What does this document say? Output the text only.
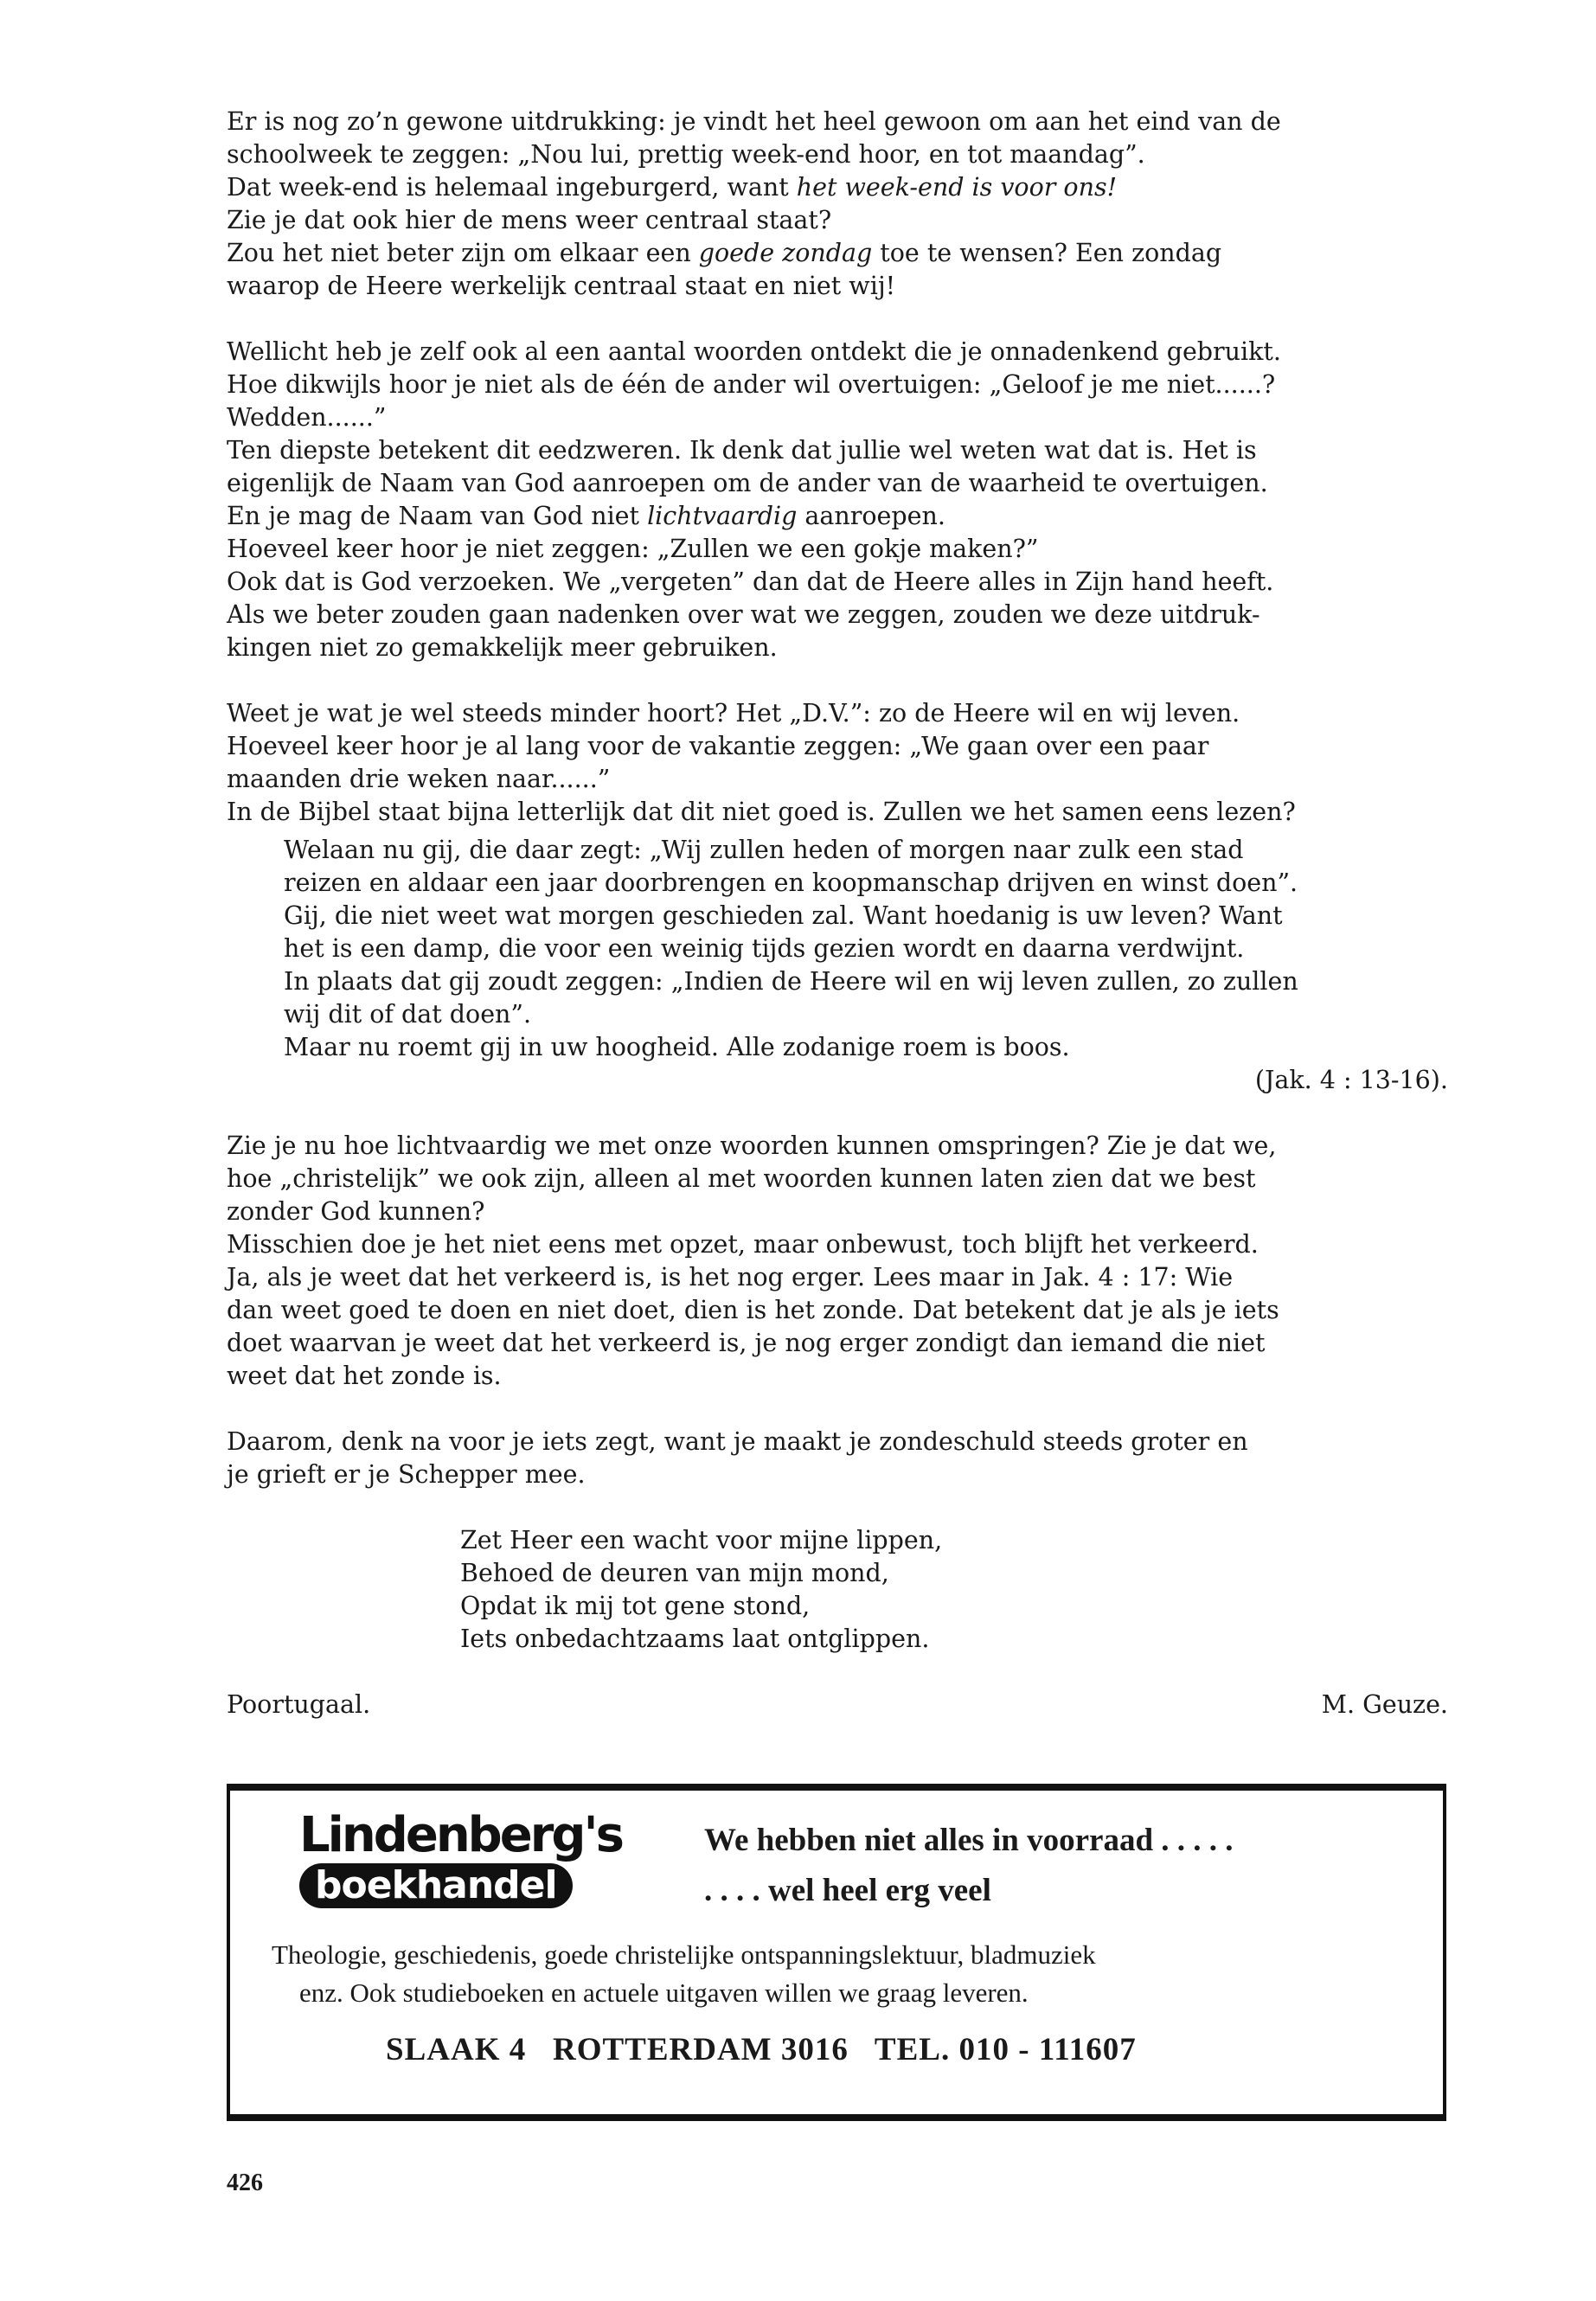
Er is nog zo’n gewone uitdrukking: je vindt het heel gewoon om aan het eind van de
schoolweek te zeggen: „Nou lui, prettig week-end hoor, en tot maandag”.
Dat week-end is helemaal ingeburgerd, want het week-end is voor ons!
Zie je dat ook hier de mens weer centraal staat?
Zou het niet beter zijn om elkaar een goede zondag toe te wensen? Een zondag
waarop de Heere werkelijk centraal staat en niet wij!
Wellicht heb je zelf ook al een aantal woorden ontdekt die je onnadenkend gebruikt.
Hoe dikwijls hoor je niet als de één de ander wil overtuigen: „Geloof je me niet......?
Wedden......”
Ten diepste betekent dit eedzweren. Ik denk dat jullie wel weten wat dat is. Het is
eigenlijk de Naam van God aanroepen om de ander van de waarheid te overtuigen.
En je mag de Naam van God niet lichtvaardig aanroepen.
Hoeveel keer hoor je niet zeggen: „Zullen we een gokje maken?”
Ook dat is God verzoeken. We „vergeten” dan dat de Heere alles in Zijn hand heeft.
Als we beter zouden gaan nadenken over wat we zeggen, zouden we deze uitdruk-
kingen niet zo gemakkelijk meer gebruiken.
Weet je wat je wel steeds minder hoort? Het „D.V.”: zo de Heere wil en wij leven.
Hoeveel keer hoor je al lang voor de vakantie zeggen: „We gaan over een paar
maanden drie weken naar......”
In de Bijbel staat bijna letterlijk dat dit niet goed is. Zullen we het samen eens lezen?
Welaan nu gij, die daar zegt: „Wij zullen heden of morgen naar zulk een stad
reizen en aldaar een jaar doorbrengen en koopmanschap drijven en winst doen”.
Gij, die niet weet wat morgen geschieden zal. Want hoedanig is uw leven? Want
het is een damp, die voor een weinig tijds gezien wordt en daarna verdwijnt.
In plaats dat gij zoudt zeggen: „Indien de Heere wil en wij leven zullen, zo zullen
wij dit of dat doen”.
Maar nu roemt gij in uw hoogheid. Alle zodanige roem is boos.
(Jak. 4 : 13-16).
Zie je nu hoe lichtvaardig we met onze woorden kunnen omspringen? Zie je dat we,
hoe „christelijk” we ook zijn, alleen al met woorden kunnen laten zien dat we best
zonder God kunnen?
Misschien doe je het niet eens met opzet, maar onbewust, toch blijft het verkeerd.
Ja, als je weet dat het verkeerd is, is het nog erger. Lees maar in Jak. 4 : 17: Wie
dan weet goed te doen en niet doet, dien is het zonde. Dat betekent dat je als je iets
doet waarvan je weet dat het verkeerd is, je nog erger zondigt dan iemand die niet
weet dat het zonde is.
Daarom, denk na voor je iets zegt, want je maakt je zondeschuld steeds groter en
je grieft er je Schepper mee.
Zet Heer een wacht voor mijne lippen,
Behoed de deuren van mijn mond,
Opdat ik mij tot gene stond,
Iets onbedachtzaams laat ontglippen.
Poortugaal.	M. Geuze.
Lindenberg's
boekhandel
We hebben niet alles in voorraad . . . . .
. . . . wel heel erg veel
Theologie, geschiedenis, goede christelijke ontspanningslektuur, bladmuziek
enz. Ook studieboeken en actuele uitgaven willen we graag leveren.
SLAAK 4   ROTTERDAM 3016   TEL. 010 - 111607
426
